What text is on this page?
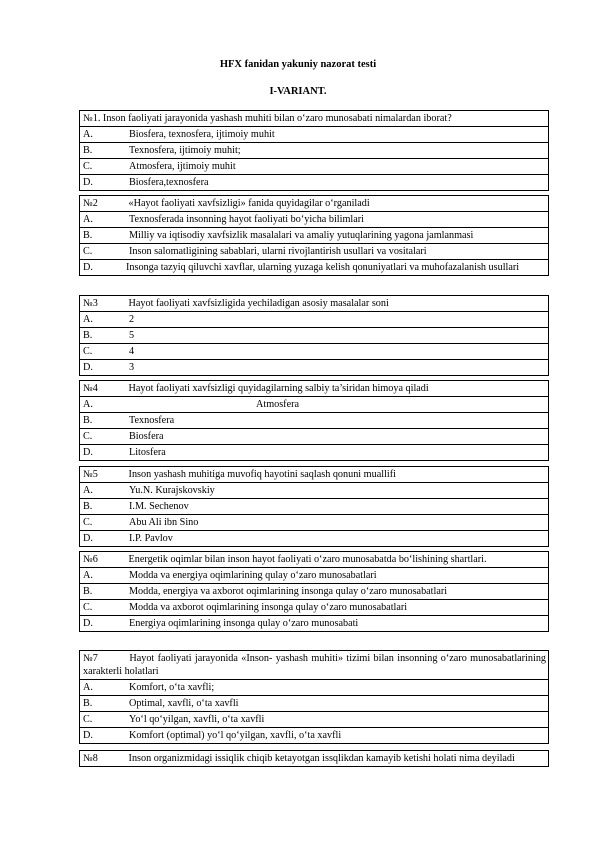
HFX fanidan yakuniy nazorat testi
I-VARIANT.
№1. Inson faoliyati jarayonida yashash muhiti bilan o‘zaro munosabati nimalardan iborat?
A.	Biosfera, texnosfera, ijtimoiy muhit
B.	Texnosfera, ijtimoiy muhit;
C.	Atmosfera, ijtimoiy muhit
D.	Biosfera,texnosfera
№2	«Hayot faoliyati xavfsizligi» fanida quyidagilar o‘rganiladi
A.	Texnosferada insonning hayot faoliyati bo‘yicha bilimlari
B.	Milliy va iqtisodiy xavfsizlik masalalari va amaliy yutuqlarining yagona jamlanmasi
C.	Inson salomatligining sabablari, ularni rivojlantirish usullari va vositalari
D.	Insonga tazyiq qiluvchi xavflar, ularning yuzaga kelish qonuniyatlari va muhofazalanish usullari
№3	Hayot faoliyati xavfsizligida yechiladigan asosiy masalalar soni
A.	2
B.	5
C.	4
D.	3
№4	Hayot faoliyati xavfsizligi quyidagilarning salbiy ta’siridan himoya qiladi
A.	Atmosfera
B.	Texnosfera
C.	Biosfera
D.	Litosfera
№5	Inson yashash muhitiga muvofiq hayotini saqlash qonuni muallifi
A.	Yu.N. Kurajskovskiy
B.	I.M. Sechenov
C.	Abu Ali ibn Sino
D.	I.P. Pavlov
№6	Energetik oqimlar bilan inson hayot faoliyati o‘zaro munosabatda bo‘lishining shartlari.
A.	Modda va energiya oqimlarining qulay o‘zaro munosabatlari
B.	Modda, energiya va axborot oqimlarining insonga qulay o‘zaro munosabatlari
C.	Modda va axborot oqimlarining insonga qulay o‘zaro munosabatlari
D.	Energiya oqimlarining insonga qulay o‘zaro munosabati
№7	Hayot faoliyati jarayonida «Inson- yashash muhiti» tizimi bilan insonning o‘zaro munosabatlarining xarakterli holatlari
A.	Komfort, o‘ta xavfli;
B.	Optimal, xavfli, o‘ta xavfli
C.	Yo‘l qo‘yilgan, xavfli, o‘ta xavfli
D.	Komfort (optimal) yo‘l qo‘yilgan, xavfli, o‘ta xavfli
№8	Inson organizmidagi issiqlik chiqib ketayotgan issqlikdan kamayib ketishi holati nima deyiladi
